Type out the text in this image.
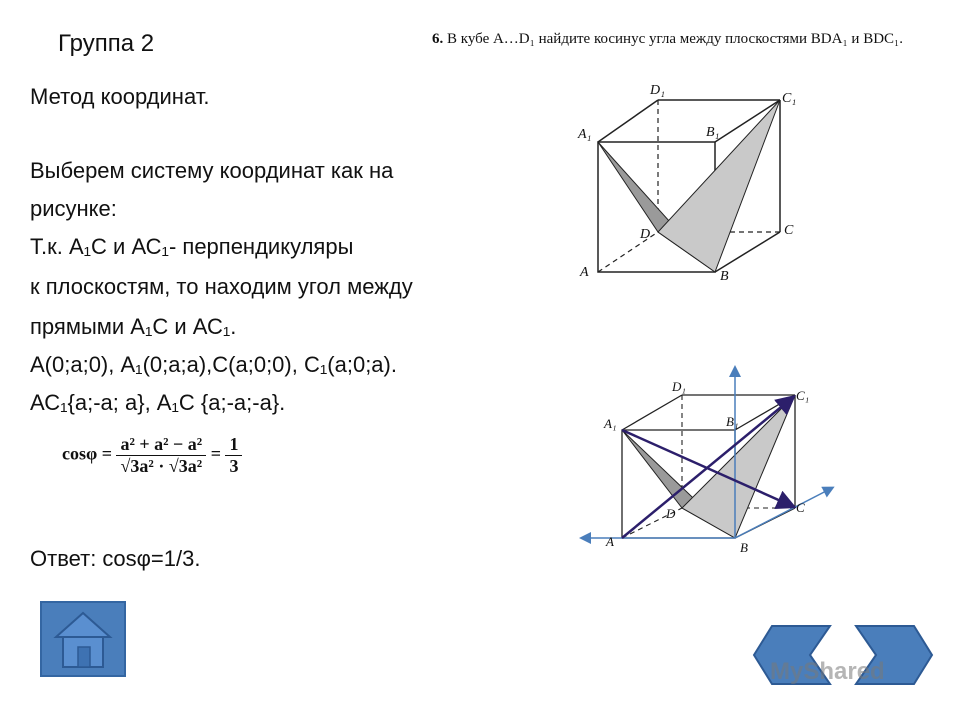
Группа 2	6. В кубе A…D₁ найдите косинус угла между плоскостями BDA₁ и BDC₁.
Метод координат.
Выберем систему координат как на
рисунке:
Т.к. А₁С и АС₁- перпендикуляры
к плоскостям, то находим угол между
прямыми А₁С и АС₁.
А(0;а;0), А₁(0;а;а),С(а;0;0), С₁(а;0;а).
АС₁{а;-а; а}, А₁С {а;-а;-а}.
$\cos\varphi = \frac{\text{a² + a² − a²}}{\text{√3a² · √3a²}} = \frac{1}{3}$
Ответ: cosφ=1/3.
A	B
C
D
A₁	B₁
C₁
D₁
A	B
C
D
A₁	B₁
C₁
D₁
MyShared
